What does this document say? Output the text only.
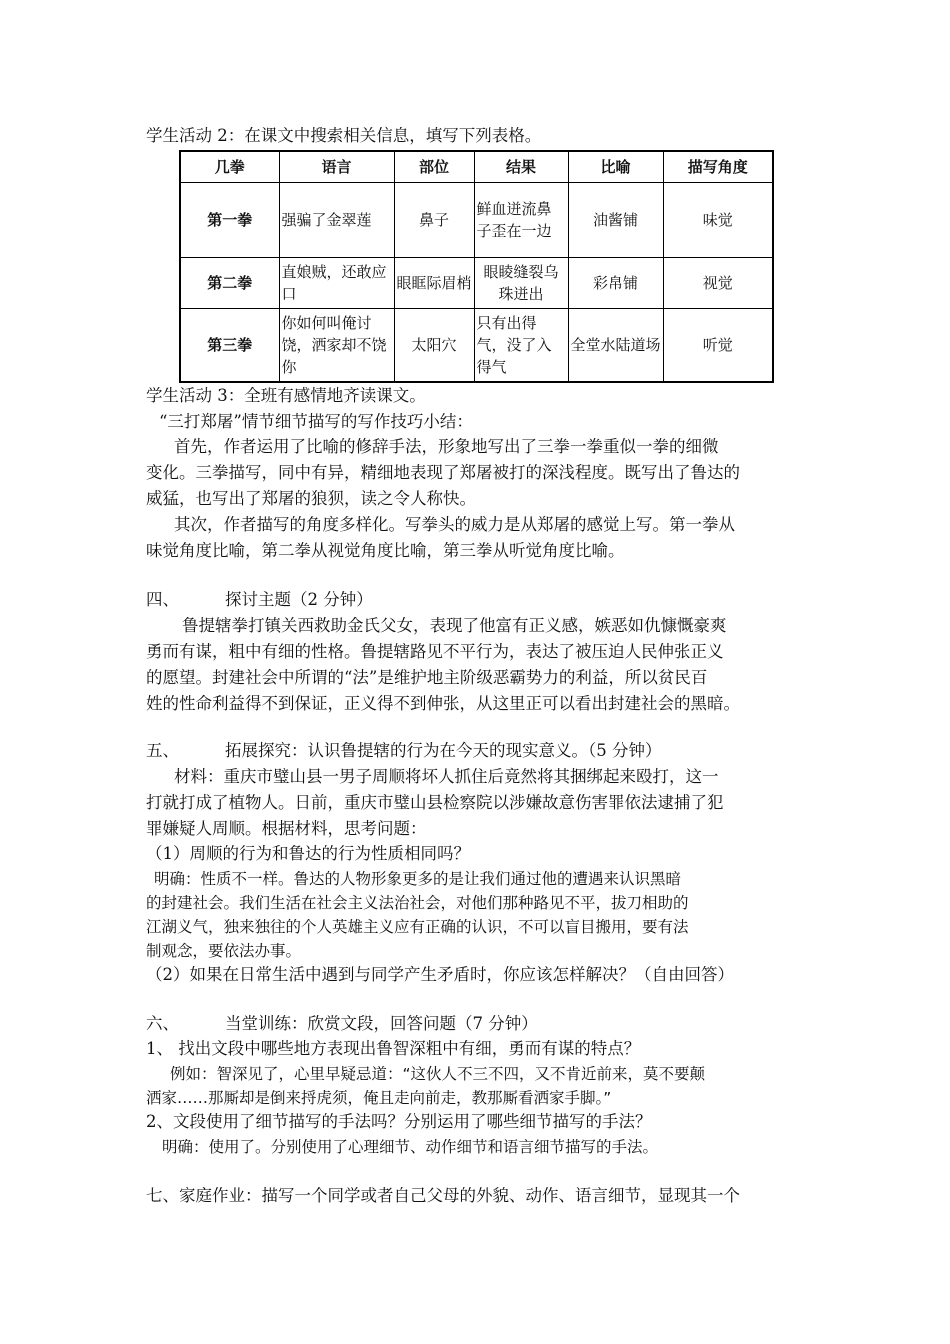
学生活动 2：在课文中搜索相关信息，填写下列表格。
几拳	语言	部位	结果	比喻	描写角度
第一拳	强骗了金翠莲	鼻子	鲜血迸流鼻子歪在一边	油酱铺	味觉
第二拳	直娘贼，还敢应口	眼眶际眉梢	眼睖缝裂乌珠迸出	彩帛铺	视觉
第三拳	你如何叫俺讨饶，洒家却不饶你	太阳穴	只有出得气，没了入得气	全堂水陆道场	听觉
学生活动 3：全班有感情地齐读课文。
“三打郑屠”情节细节描写的写作技巧小结：
首先，作者运用了比喻的修辞手法，形象地写出了三拳一拳重似一拳的细微
变化。三拳描写，同中有异，精细地表现了郑屠被打的深浅程度。既写出了鲁达的
威猛，也写出了郑屠的狼狈，读之令人称快。
其次，作者描写的角度多样化。写拳头的威力是从郑屠的感觉上写。第一拳从
味觉角度比喻，第二拳从视觉角度比喻，第三拳从听觉角度比喻。
四、	探讨主题（2 分钟）
鲁提辖拳打镇关西救助金氏父女，表现了他富有正义感，嫉恶如仇慷慨豪爽
勇而有谋，粗中有细的性格。鲁提辖路见不平行为，表达了被压迫人民伸张正义
的愿望。封建社会中所谓的“法”是维护地主阶级恶霸势力的利益，所以贫民百
姓的性命利益得不到保证，正义得不到伸张，从这里正可以看出封建社会的黑暗。
五、	拓展探究：认识鲁提辖的行为在今天的现实意义。（5 分钟）
材料：重庆市璧山县一男子周顺将坏人抓住后竟然将其捆绑起来殴打，这一
打就打成了植物人。日前，重庆市璧山县检察院以涉嫌故意伤害罪依法逮捕了犯
罪嫌疑人周顺。根据材料，思考问题：
（1）周顺的行为和鲁达的行为性质相同吗？
明确：性质不一样。鲁达的人物形象更多的是让我们通过他的遭遇来认识黑暗
的封建社会。我们生活在社会主义法治社会，对他们那种路见不平，拔刀相助的
江湖义气，独来独往的个人英雄主义应有正确的认识，不可以盲目搬用，要有法
制观念，要依法办事。
（2）如果在日常生活中遇到与同学产生矛盾时，你应该怎样解决？（自由回答）
六、	当堂训练：欣赏文段，回答问题（7 分钟）
1、 找出文段中哪些地方表现出鲁智深粗中有细，勇而有谋的特点？
例如：智深见了，心里早疑忌道：“这伙人不三不四，又不肯近前来，莫不要颠
洒家……那厮却是倒来捋虎须，俺且走向前走，教那厮看洒家手脚。”
2、文段使用了细节描写的手法吗？分别运用了哪些细节描写的手法？
明确：使用了。分别使用了心理细节、动作细节和语言细节描写的手法。
七、家庭作业：描写一个同学或者自己父母的外貌、动作、语言细节，显现其一个
